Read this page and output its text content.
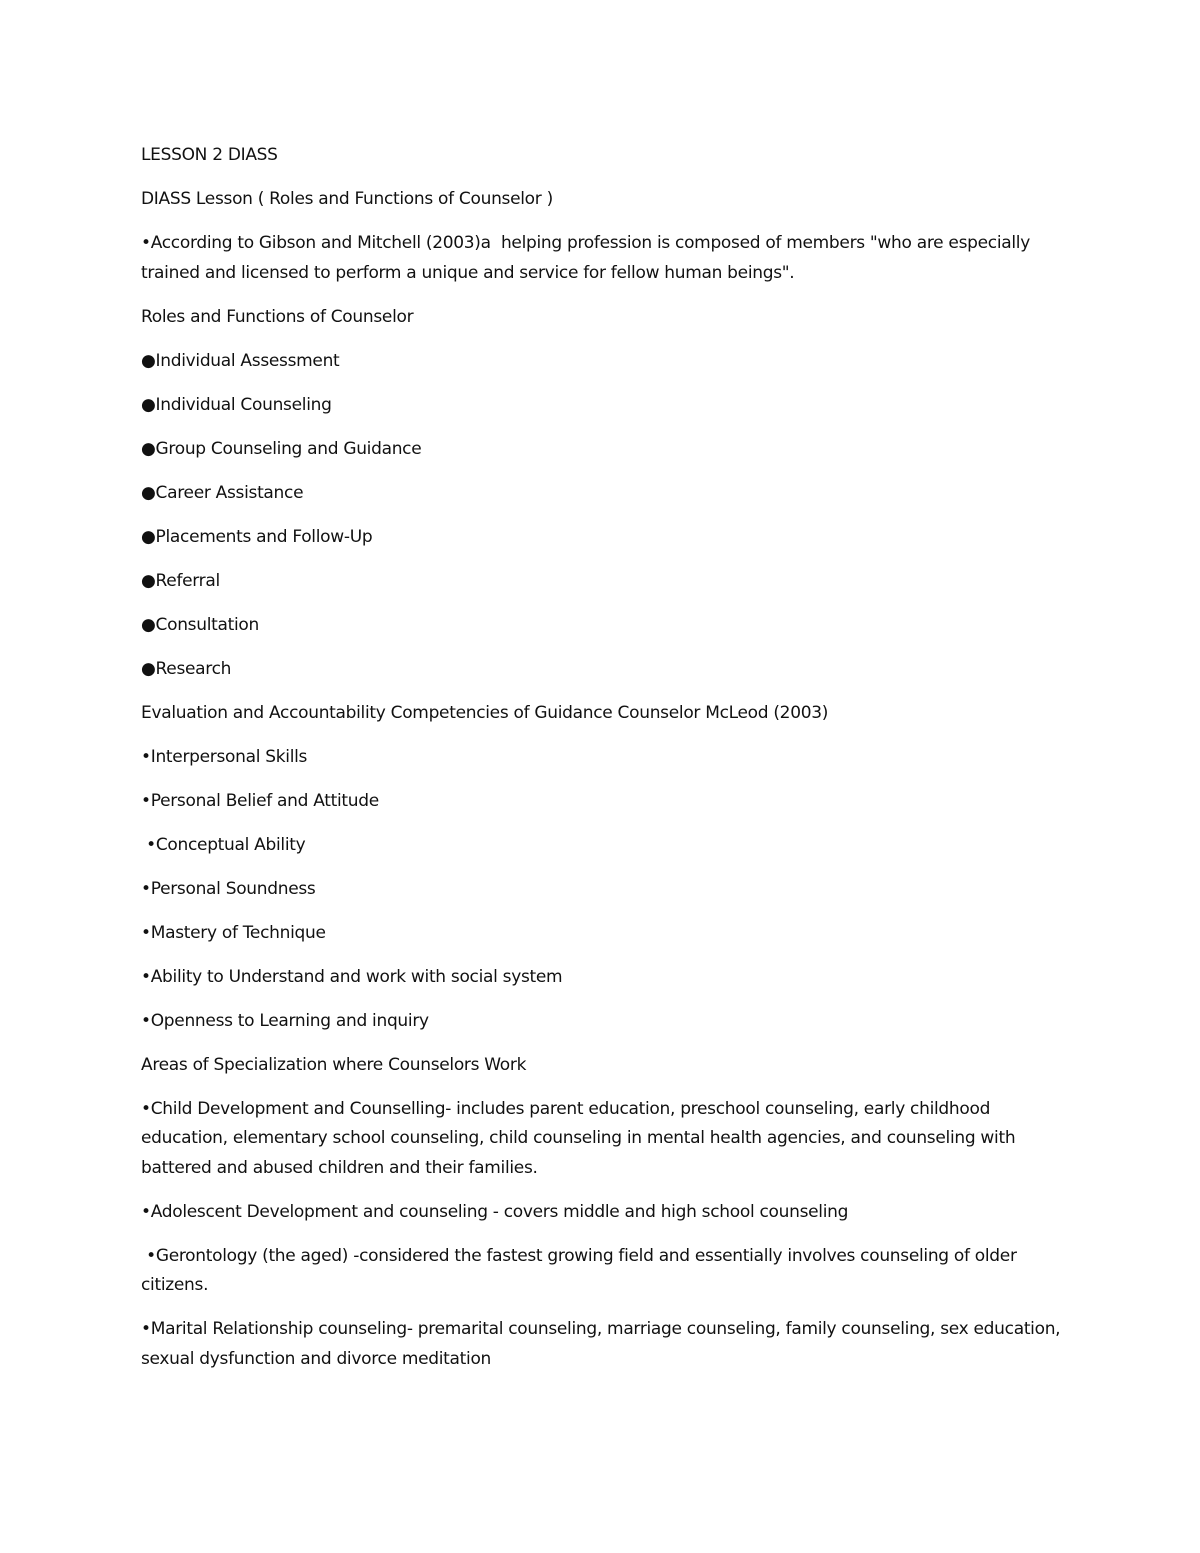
LESSON 2 DIASS

DIASS Lesson ( Roles and Functions of Counselor )

•According to Gibson and Mitchell (2003)a  helping profession is composed of members "who are especially trained and licensed to perform a unique and service for fellow human beings".

Roles and Functions of Counselor

●Individual Assessment

●Individual Counseling

●Group Counseling and Guidance

●Career Assistance

●Placements and Follow-Up

●Referral

●Consultation

●Research

Evaluation and Accountability Competencies of Guidance Counselor McLeod (2003)

•Interpersonal Skills

•Personal Belief and Attitude

•Conceptual Ability

•Personal Soundness

•Mastery of Technique

•Ability to Understand and work with social system

•Openness to Learning and inquiry

Areas of Specialization where Counselors Work

•Child Development and Counselling- includes parent education, preschool counseling, early childhood education, elementary school counseling, child counseling in mental health agencies, and counseling with battered and abused children and their families.

•Adolescent Development and counseling - covers middle and high school counseling

•Gerontology (the aged) -considered the fastest growing field and essentially involves counseling of older citizens.

•Marital Relationship counseling- premarital counseling, marriage counseling, family counseling, sex education, sexual dysfunction and divorce meditation
